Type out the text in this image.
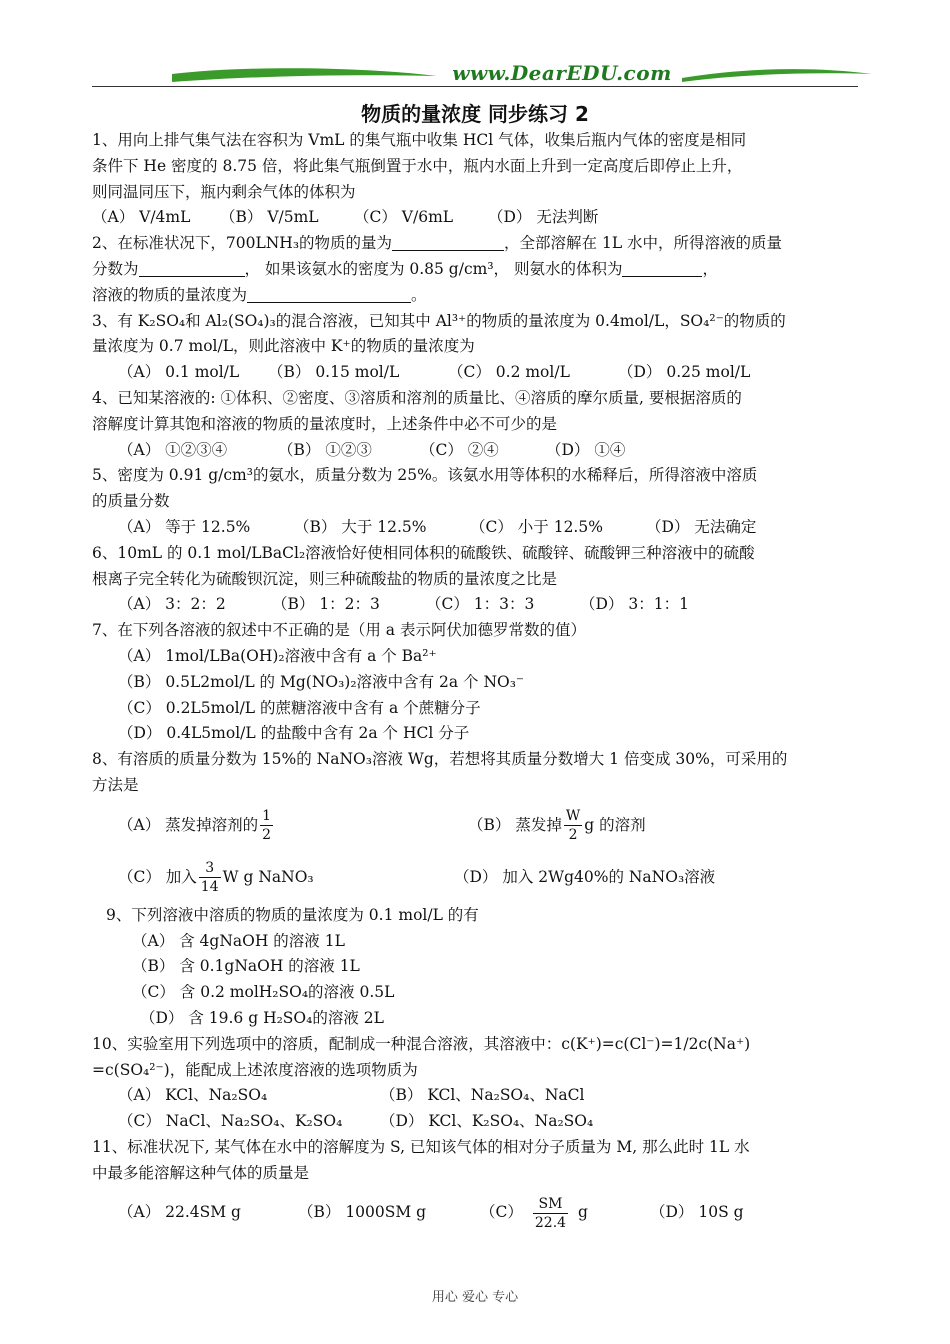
www.DearEDU.com
物质的量浓度 同步练习 2
1、用向上排气集气法在容积为 VmL 的集气瓶中收集 HCl 气体，收集后瓶内气体的密度是相同
条件下 He 密度的 8.75 倍，将此集气瓶倒置于水中，瓶内水面上升到一定高度后即停止上升，
则同温同压下，瓶内剩余气体的体积为
（A） V/4mL （B） V/5mL （C） V/6mL （D） 无法判断
2、在标准状况下，700LNH₃的物质的量为	，全部溶解在 1L 水中，所得溶液的质量
分数为	， 如果该氨水的密度为 0.85 g/cm³， 则氨水的体积为	，
溶液的物质的量浓度为	。
3、有 K₂SO₄和 Al₂(SO₄)₃的混合溶液，已知其中 Al³⁺的物质的量浓度为 0.4mol/L，SO₄²⁻的物质的
量浓度为 0.7 mol/L，则此溶液中 K⁺的物质的量浓度为
（A） 0.1 mol/L （B） 0.15 mol/L	（C） 0.2 mol/L	（D） 0.25 mol/L
4、已知某溶液的: ①体积、②密度、③溶质和溶剂的质量比、④溶质的摩尔质量, 要根据溶质的
溶解度计算其饱和溶液的物质的量浓度时，上述条件中必不可少的是
（A） ①②③④	（B） ①②③	（C） ②④	（D） ①④
5、密度为 0.91 g/cm³的氨水，质量分数为 25%。该氨水用等体积的水稀释后，所得溶液中溶质
的质量分数
（A） 等于 12.5%	（B） 大于 12.5%	（C） 小于 12.5%	（D） 无法确定
6、10mL 的 0.1 mol/LBaCl₂溶液恰好使相同体积的硫酸铁、硫酸锌、硫酸钾三种溶液中的硫酸
根离子完全转化为硫酸钡沉淀，则三种硫酸盐的物质的量浓度之比是
（A） 3：2：2	（B） 1：2：3	（C） 1：3：3	（D） 3：1：1
7、在下列各溶液的叙述中不正确的是（用 a 表示阿伏加德罗常数的值）
（A） 1mol/LBa(OH)₂溶液中含有 a 个 Ba²⁺
（B） 0.5L2mol/L 的 Mg(NO₃)₂溶液中含有 2a 个 NO₃⁻
（C） 0.2L5mol/L 的蔗糖溶液中含有 a 个蔗糖分子
（D） 0.4L5mol/L 的盐酸中含有 2a 个 HCl 分子
8、有溶质的质量分数为 15%的 NaNO₃溶液 Wg，若想将其质量分数增大 1 倍变成 30%，可采用的
方法是
（A） 蒸发掉溶剂的 $\frac{1}{2}$	（B） 蒸发掉 $\frac{W}{2}$ g 的溶剂
（C） 加入 $\frac{3}{14}$ W g NaNO₃	（D） 加入 2Wg40%的 NaNO₃溶液
9、下列溶液中溶质的物质的量浓度为 0.1 mol/L 的有
（A） 含 4gNaOH 的溶液 1L
（B） 含 0.1gNaOH 的溶液 1L
（C） 含 0.2 molH₂SO₄的溶液 0.5L
（D） 含 19.6 g H₂SO₄的溶液 2L
10、实验室用下列选项中的溶质，配制成一种混合溶液，其溶液中：c(K⁺)=c(Cl⁻)=1/2c(Na⁺)
=c(SO₄²⁻)，能配成上述浓度溶液的选项物质为
（A） KCl、Na₂SO₄	（B） KCl、Na₂SO₄、NaCl
（C） NaCl、Na₂SO₄、K₂SO₄ （D） KCl、K₂SO₄、Na₂SO₄
11、标准状况下, 某气体在水中的溶解度为 S, 已知该气体的相对分子质量为 M, 那么此时 1L 水
中最多能溶解这种气体的质量是
（A） 22.4SM g	（B） 1000SM g	$(C) \frac{SM}{22.4}$ g	（D） 10S g
用心 爱心 专心
